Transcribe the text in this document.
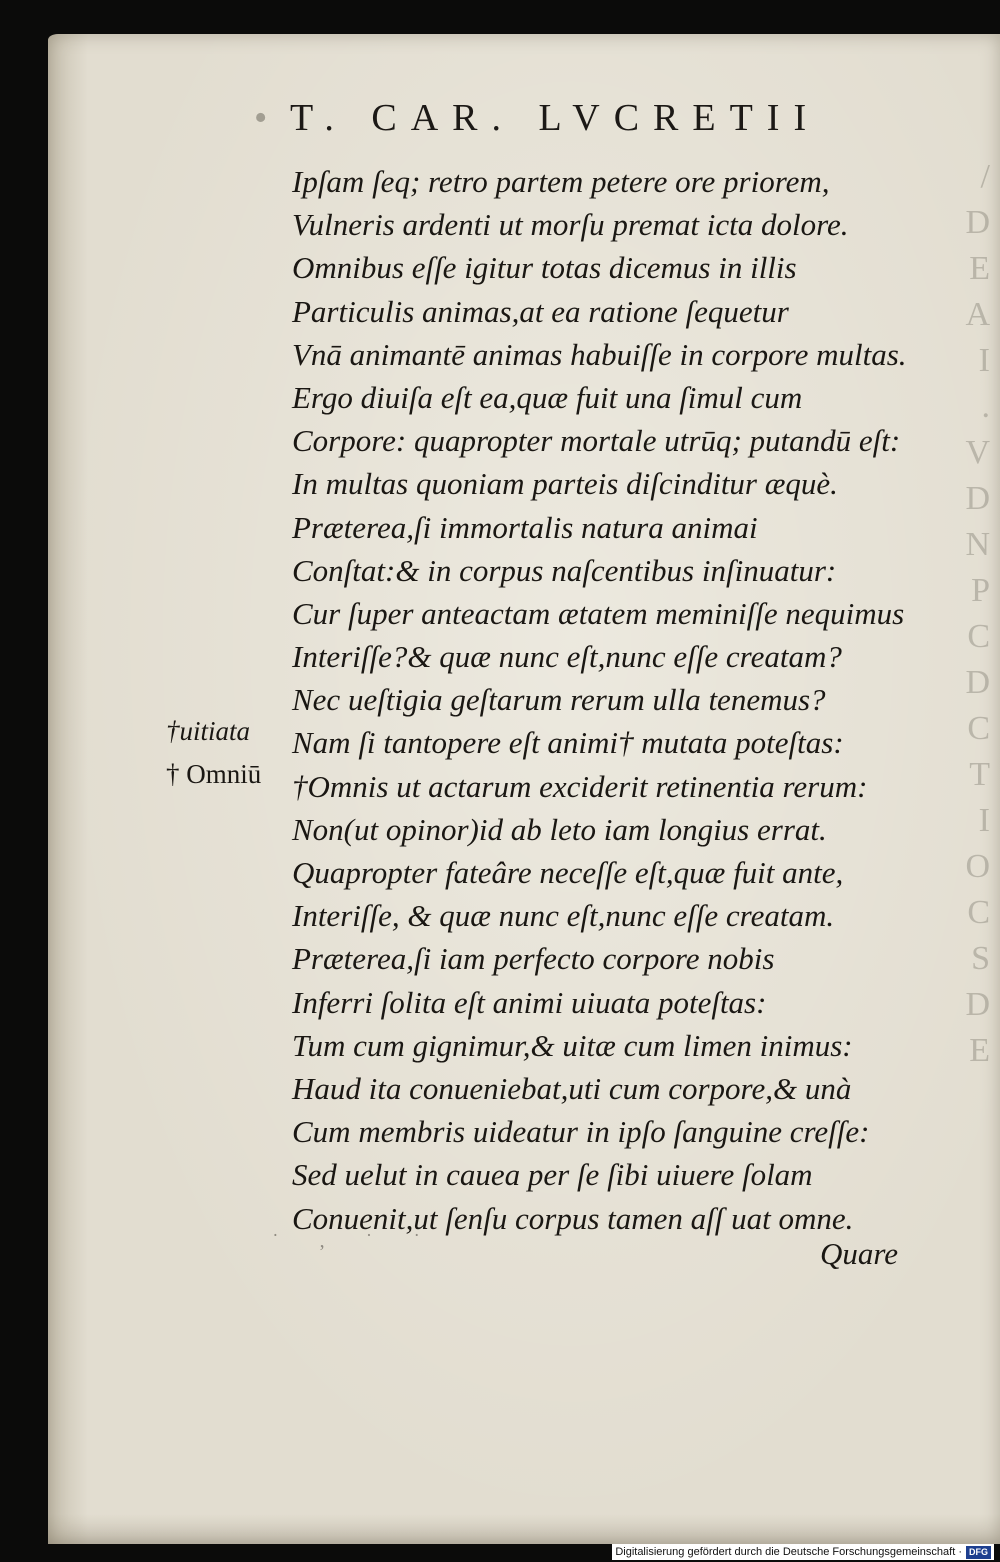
/
D
E
A
I
.
V
D
N
P
C
D
C
T
I
O
C
S
D
E
• T. CAR. LVCRETII
Ipſam ſeq; retro partem petere ore priorem,
Vulneris ardenti ut morſu premat icta dolore.
Omnibus eſſe igitur totas dicemus in illis
Particulis animas,at ea ratione ſequetur
Vnā animantē animas habuiſſe in corpore multas.
Ergo diuiſa eſt ea,quæ fuit una ſimul cum
Corpore: quapropter mortale utrūq; putandū eſt:
In multas quoniam parteis diſcinditur æquè.
Præterea,ſi immortalis natura animai
Conſtat:& in corpus naſcentibus inſinuatur:
Cur ſuper anteactam ætatem meminiſſe nequimus
Interiſſe?& quæ nunc eſt,nunc eſſe creatam?
Nec ueſtigia geſtarum rerum ulla tenemus?
Nam ſi tantopere eſt animi† mutata poteſtas:
†Omnis ut actarum exciderit retinentia rerum:
Non(ut opinor)id ab leto iam longius errat.
Quapropter fateâre neceſſe eſt,quæ fuit ante,
Interiſſe, & quæ nunc eſt,nunc eſſe creatam.
Præterea,ſi iam perfecto corpore nobis
Inferri ſolita eſt animi uiuata poteſtas:
Tum cum gignimur,& uitæ cum limen inimus:
Haud ita conueniebat,uti cum corpore,& unà
Cum membris uideatur in ipſo ſanguine creſſe:
Sed uelut in cauea per ſe ſibi uiuere ſolam
Conuenit,ut ſenſu corpus tamen aſſ uat omne.
†uitiata
† Omniū
˙ , ˙ ˙	Quare
Digitalisierung gefördert durch die Deutsche Forschungsgemeinschaft · DFG
